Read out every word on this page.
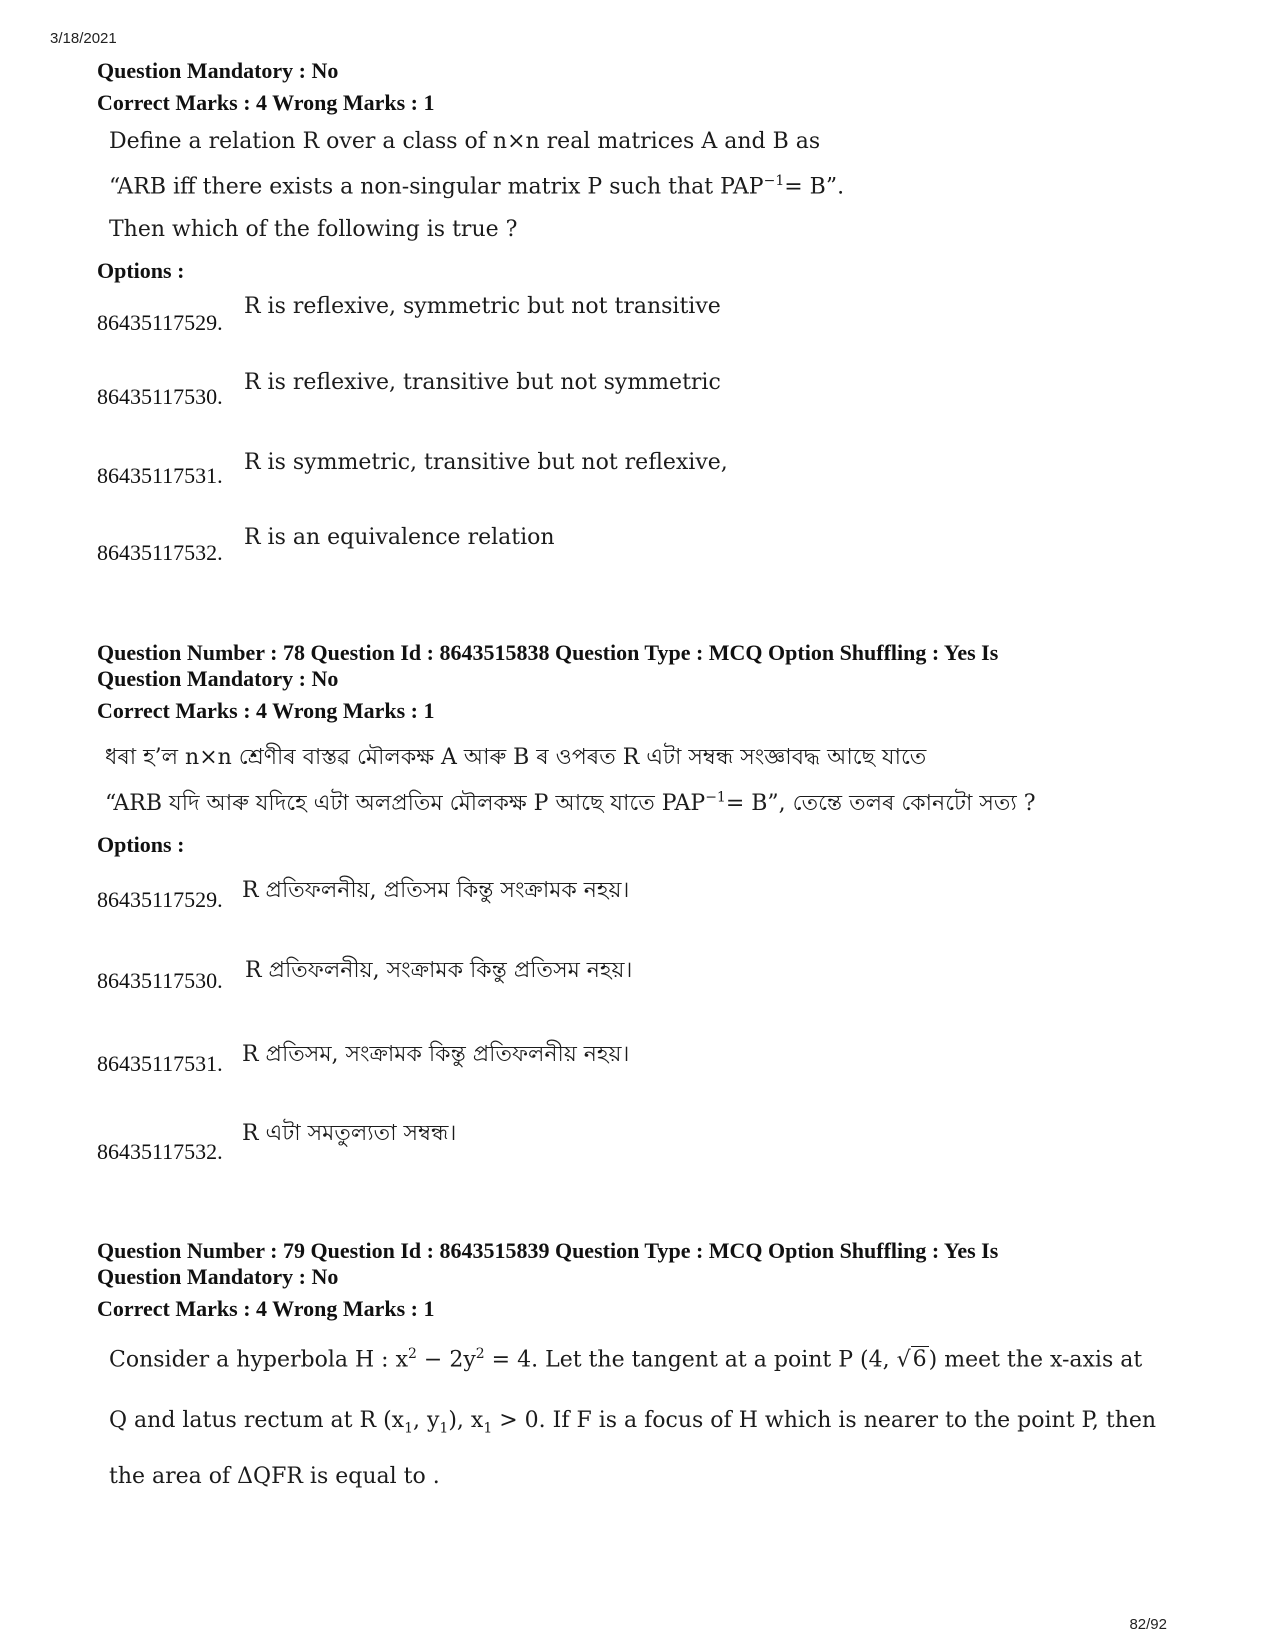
3/18/2021
82/92
Question Mandatory : No
Correct Marks : 4 Wrong Marks : 1
Define a relation R over a class of n×n real matrices A and B as
“ARB iff there exists a non-singular matrix P such that $PAP^{-1}= B$”.
Then which of the following is true ?
Options :
86435117529.
R is reflexive, symmetric but not transitive
86435117530.
R is reflexive, transitive but not symmetric
86435117531.
R is symmetric, transitive but not reflexive,
86435117532.
R is an equivalence relation
Question Number : 78 Question Id : 8643515838 Question Type : MCQ Option Shuffling : Yes Is
Question Mandatory : No
Correct Marks : 4 Wrong Marks : 1
ধৰা হ’ল n×n শ্ৰেণীৰ বাস্তৱ মৌলকক্ষ A আৰু B ৰ ওপৰত R এটা সম্বন্ধ সংজ্ঞাবদ্ধ আছে যাতে
“ARB যদি আৰু যদিহে এটা অলপ্ৰতিম মৌলকক্ষ P আছে যাতে $PAP^{-1}= B$”, তেন্তে তলৰ কোনটো সত্য ?
Options :
86435117529. R প্ৰতিফলনীয়, প্ৰতিসম কিন্তু সংক্ৰামক নহয়।
86435117530. R প্ৰতিফলনীয়, সংক্ৰামক কিন্তু প্ৰতিসম নহয়।
86435117531. R প্ৰতিসম, সংক্ৰামক কিন্তু প্ৰতিফলনীয় নহয়।
86435117532.
R এটা সমতুল্যতা সম্বন্ধ।
Question Number : 79 Question Id : 8643515839 Question Type : MCQ Option Shuffling : Yes Is
Question Mandatory : No
Correct Marks : 4 Wrong Marks : 1
Consider a hyperbola H : $x^2 - 2y^2 = 4$. Let the tangent at a point P (4, √6) meet the x-axis at
Q and latus rectum at R ($x_1$, $y_1$), $x_1 > 0$. If F is a focus of H which is nearer to the point P, then
the area of ΔQFR is equal to .
